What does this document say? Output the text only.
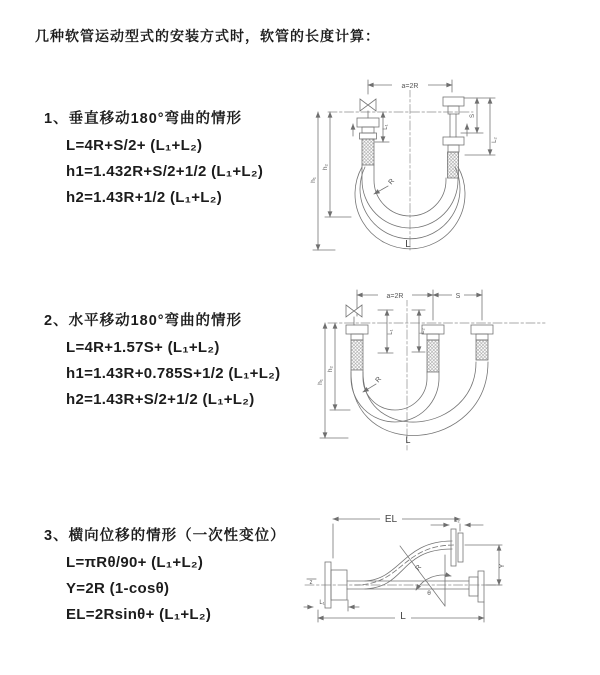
几种软管运动型式的安装方式时，软管的长度计算：
1、垂直移动180°弯曲的情形
L=4R+S/2+ (L₁+L₂)
h1=1.432R+S/2+1/2 (L₁+L₂)
h2=1.43R+1/2 (L₁+L₂)
2、水平移动180°弯曲的情形
L=4R+1.57S+ (L₁+L₂)
h1=1.43R+0.785S+1/2 (L₁+L₂)
h2=1.43R+S/2+1/2 (L₁+L₂)
3、横向位移的情形（一次性变位）
L=πRθ/90+ (L₁+L₂)
Y=2R (1-cosθ)
EL=2Rsinθ+ (L₁+L₂)
a=2R
L₁
S
L₂
h₁
h₂
R
L
a=2R	S
L₁	L₂
h₁
h₂
R
L
EL	L₂
Y
R
θ
L
L₁
z
